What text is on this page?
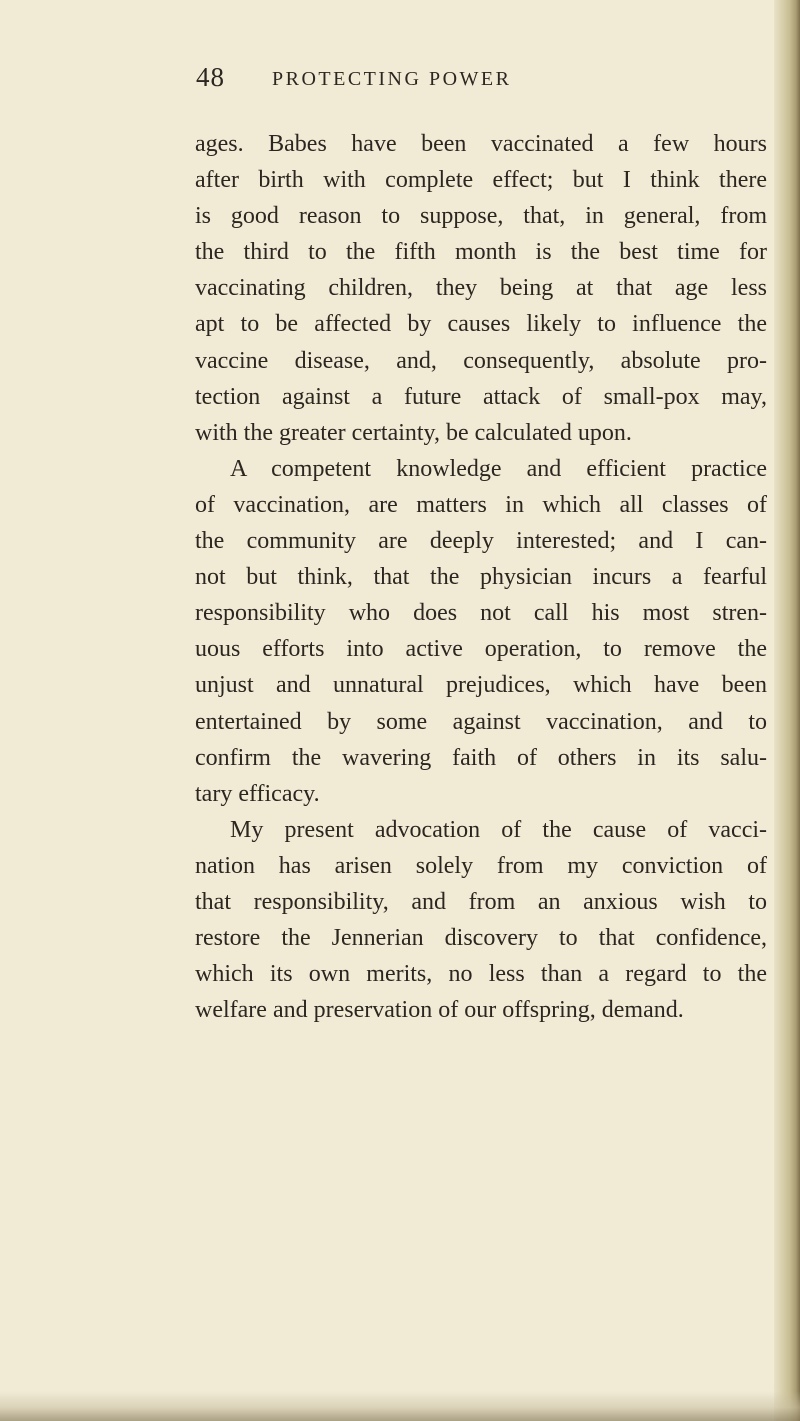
48 PROTECTING POWER
ages. Babes have been vaccinated a few hours
after birth with complete effect; but I think there
is good reason to suppose, that, in general, from
the third to the fifth month is the best time for
vaccinating children, they being at that age less
apt to be affected by causes likely to influence the
vaccine disease, and, consequently, absolute pro-
tection against a future attack of small-pox may,
with the greater certainty, be calculated upon.
A competent knowledge and efficient practice
of vaccination, are matters in which all classes of
the community are deeply interested; and I can-
not but think, that the physician incurs a fearful
responsibility who does not call his most stren-
uous efforts into active operation, to remove the
unjust and unnatural prejudices, which have been
entertained by some against vaccination, and to
confirm the wavering faith of others in its salu-
tary efficacy.
My present advocation of the cause of vacci-
nation has arisen solely from my conviction of
that responsibility, and from an anxious wish to
restore the Jennerian discovery to that confidence,
which its own merits, no less than a regard to the
welfare and preservation of our offspring, demand.
